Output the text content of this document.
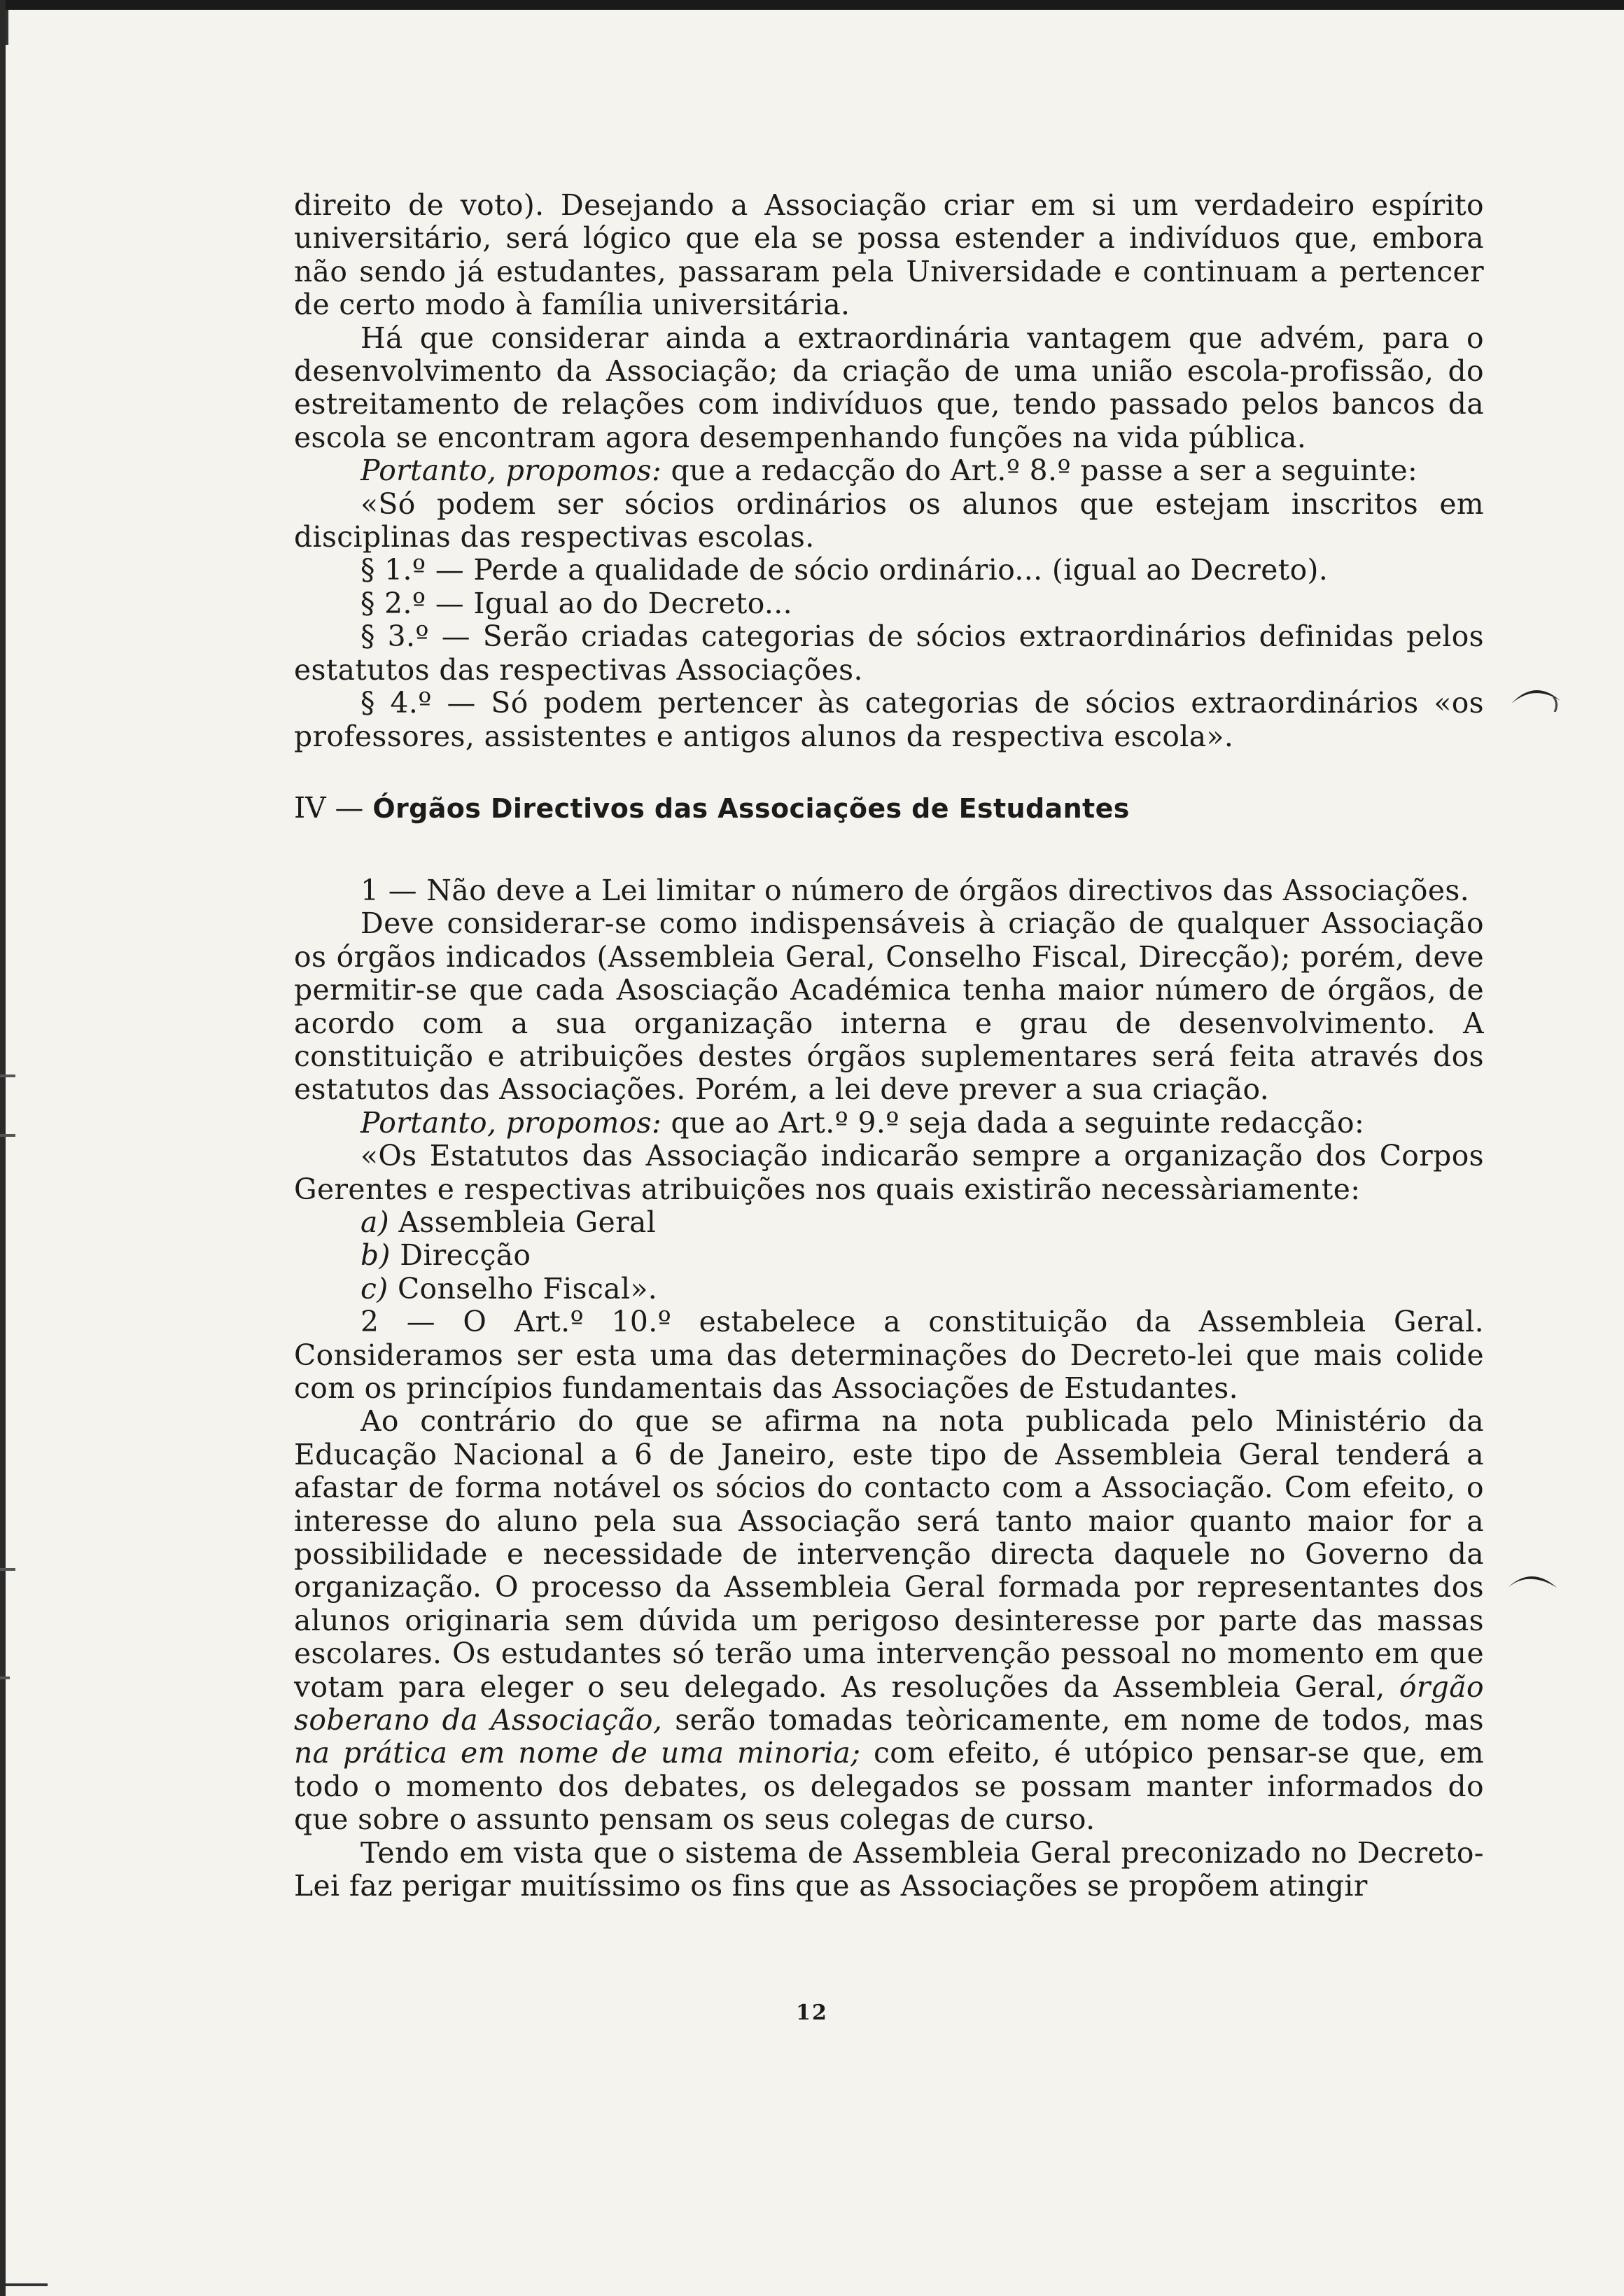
direito de voto). Desejando a Associação criar em si um verdadeiro espírito universitário, será lógico que ela se possa estender a indivíduos que, embora não sendo já estudantes, passaram pela Universidade e continuam a pertencer de certo modo à família universitária.

Há que considerar ainda a extraordinária vantagem que advém, para o desenvolvimento da Associação; da criação de uma união escola-profissão, do estreitamento de relações com indivíduos que, tendo passado pelos bancos da escola se encontram agora desempenhando funções na vida pública.

Portanto, propomos: que a redacção do Art.º 8.º passe a ser a seguinte:

«Só podem ser sócios ordinários os alunos que estejam inscritos em disciplinas das respectivas escolas.

§ 1.º — Perde a qualidade de sócio ordinário... (igual ao Decreto).

§ 2.º — Igual ao do Decreto...

§ 3.º — Serão criadas categorias de sócios extraordinários definidas pelos estatutos das respectivas Associações.

§ 4.º — Só podem pertencer às categorias de sócios extraordinários «os professores, assistentes e antigos alunos da respectiva escola».

IV — Órgãos Directivos das Associações de Estudantes

1 — Não deve a Lei limitar o número de órgãos directivos das Associações.

Deve considerar-se como indispensáveis à criação de qualquer Associação os órgãos indicados (Assembleia Geral, Conselho Fiscal, Direcção); porém, deve permitir-se que cada Asosciação Académica tenha maior número de órgãos, de acordo com a sua organização interna e grau de desenvolvimento. A constituição e atribuições destes órgãos suplementares será feita através dos estatutos das Associações. Porém, a lei deve prever a sua criação.

Portanto, propomos: que ao Art.º 9.º seja dada a seguinte redacção:

«Os Estatutos das Associação indicarão sempre a organização dos Corpos Gerentes e respectivas atribuições nos quais existirão necessàriamente:

a) Assembleia Geral

b) Direcção

c) Conselho Fiscal».

2 — O Art.º 10.º estabelece a constituição da Assembleia Geral. Consideramos ser esta uma das determinações do Decreto-lei que mais colide com os princípios fundamentais das Associações de Estudantes.

Ao contrário do que se afirma na nota publicada pelo Ministério da Educação Nacional a 6 de Janeiro, este tipo de Assembleia Geral tenderá a afastar de forma notável os sócios do contacto com a Associação. Com efeito, o interesse do aluno pela sua Associação será tanto maior quanto maior for a possibilidade e necessidade de intervenção directa daquele no Governo da organização. O processo da Assembleia Geral formada por representantes dos alunos originaria sem dúvida um perigoso desinteresse por parte das massas escolares. Os estudantes só terão uma intervenção pessoal no momento em que votam para eleger o seu delegado. As resoluções da Assembleia Geral, órgão soberano da Associação, serão tomadas teòricamente, em nome de todos, mas na prática em nome de uma minoria; com efeito, é utópico pensar-se que, em todo o momento dos debates, os delegados se possam manter informados do que sobre o assunto pensam os seus colegas de curso.

Tendo em vista que o sistema de Assembleia Geral preconizado no Decreto-Lei faz perigar muitíssimo os fins que as Associações se propõem atingir

12
